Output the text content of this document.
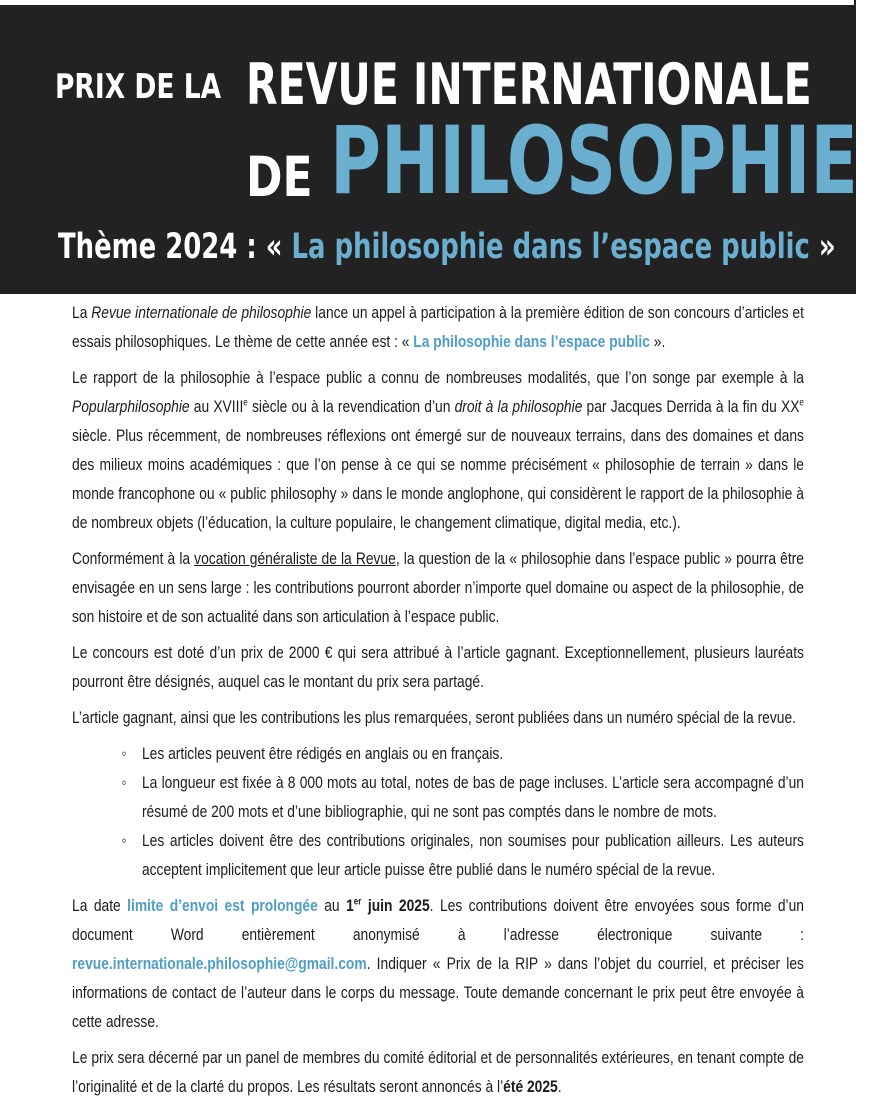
PRIX DE LA REVUE INTERNATIONALE
DE PHILOSOPHIE
Thème 2024 : « La philosophie dans l’espace public »

La Revue internationale de philosophie lance un appel à participation à la première édition de son concours d’articles et essais philosophiques. Le thème de cette année est : « La philosophie dans l’espace public ».

Le rapport de la philosophie à l’espace public a connu de nombreuses modalités, que l’on songe par exemple à la Popularphilosophie au XVIIIe siècle ou à la revendication d’un droit à la philosophie par Jacques Derrida à la fin du XXe siècle. Plus récemment, de nombreuses réflexions ont émergé sur de nouveaux terrains, dans des domaines et dans des milieux moins académiques : que l’on pense à ce qui se nomme précisément « philosophie de terrain » dans le monde francophone ou « public philosophy » dans le monde anglophone, qui considèrent le rapport de la philosophie à de nombreux objets (l’éducation, la culture populaire, le changement climatique, digital media, etc.).

Conformément à la vocation généraliste de la Revue, la question de la « philosophie dans l’espace public » pourra être envisagée en un sens large : les contributions pourront aborder n’importe quel domaine ou aspect de la philosophie, de son histoire et de son actualité dans son articulation à l’espace public.

Le concours est doté d’un prix de 2000 € qui sera attribué à l’article gagnant. Exceptionnellement, plusieurs lauréats pourront être désignés, auquel cas le montant du prix sera partagé.

L’article gagnant, ainsi que les contributions les plus remarquées, seront publiées dans un numéro spécial de la revue.

◦ Les articles peuvent être rédigés en anglais ou en français.
◦ La longueur est fixée à 8 000 mots au total, notes de bas de page incluses. L’article sera accompagné d’un résumé de 200 mots et d’une bibliographie, qui ne sont pas comptés dans le nombre de mots.
◦ Les articles doivent être des contributions originales, non soumises pour publication ailleurs. Les auteurs acceptent implicitement que leur article puisse être publié dans le numéro spécial de la revue.

La date limite d’envoi est prolongée au 1er juin 2025. Les contributions doivent être envoyées sous forme d’un document Word entièrement anonymisé à l’adresse électronique suivante : revue.internationale.philosophie@gmail.com. Indiquer « Prix de la RIP » dans l’objet du courriel, et préciser les informations de contact de l’auteur dans le corps du message. Toute demande concernant le prix peut être envoyée à cette adresse.

Le prix sera décerné par un panel de membres du comité éditorial et de personnalités extérieures, en tenant compte de l’originalité et de la clarté du propos. Les résultats seront annoncés à l’été 2025.
